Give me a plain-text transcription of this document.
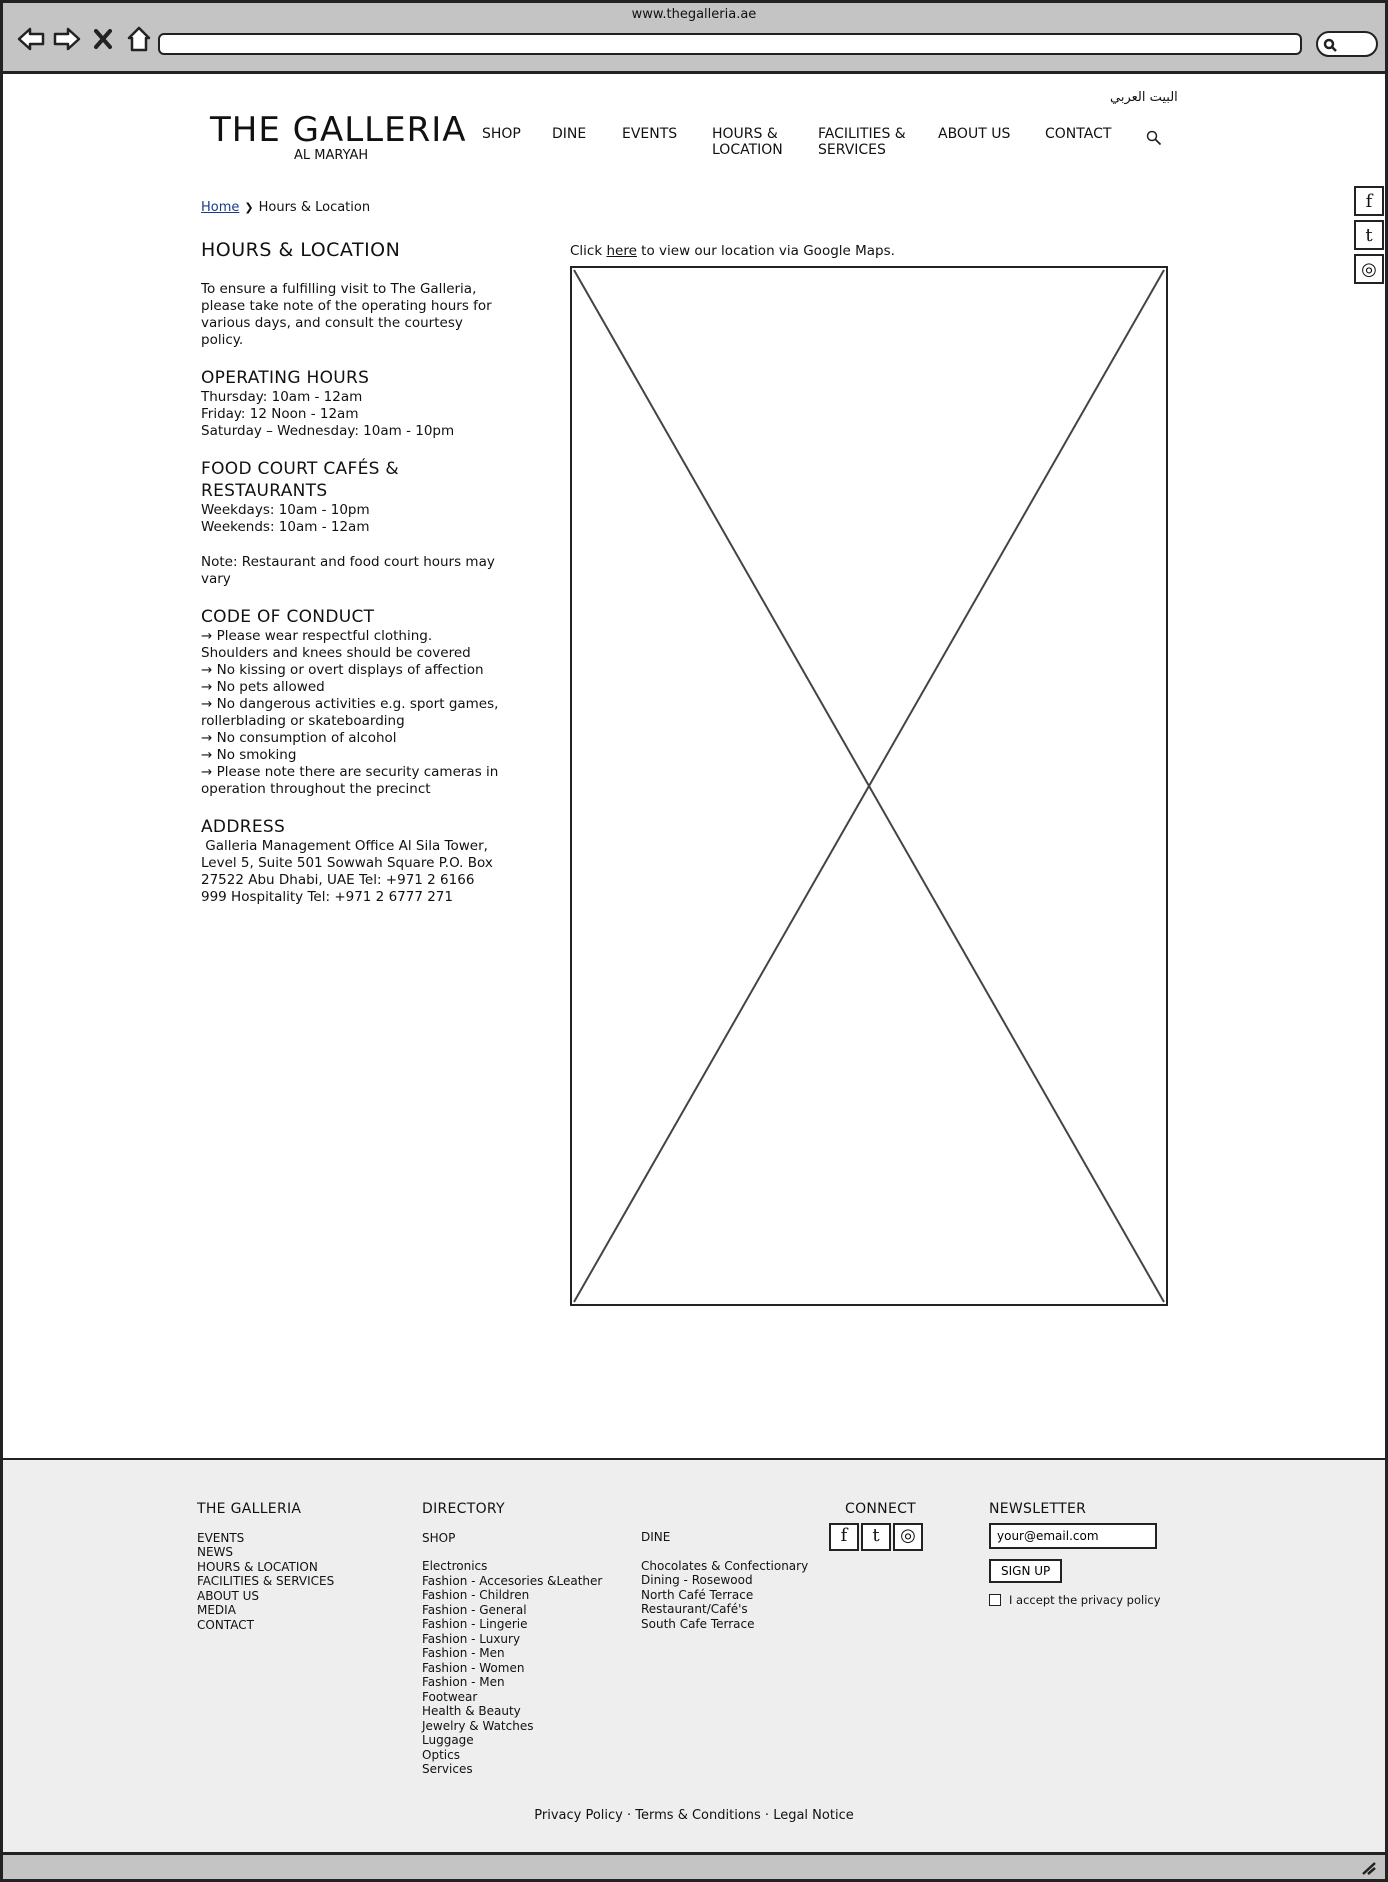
www.thegalleria.ae
البيت العربي
THE GALLERIA
AL MARYAH
SHOP DINE	EVENTS HOURS &
LOCATION
FACILITIES &
SERVICES
ABOUT US CONTACT
f
t
◎
Home ❯ Hours & Location
HOURS & LOCATION

To ensure a fulfilling visit to The Galleria, please take note of the operating hours for various days, and consult the courtesy policy.

OPERATING HOURS

Thursday: 10am - 12am

Friday: 12 Noon - 12am

Saturday – Wednesday: 10am - 10pm

FOOD COURT CAFÉS & RESTAURANTS

Weekdays: 10am - 10pm

Weekends: 10am - 12am

Note: Restaurant and food court hours may vary

CODE OF CONDUCT

→ Please wear respectful clothing. Shoulders and knees should be covered

→ No kissing or overt displays of affection

→ No pets allowed

→ No dangerous activities e.g. sport games, rollerblading or skateboarding

→ No consumption of alcohol

→ No smoking

→ Please note there are security cameras in operation throughout the precinct

ADDRESS

Galleria Management Office Al Sila Tower, Level 5, Suite 501 Sowwah Square P.O. Box 27522 Abu Dhabi, UAE Tel: +971 2 6166 999 Hospitality Tel: +971 2 6777 271

Click here to view our location via Google Maps.
THE GALLERIA
EVENTS
NEWS
HOURS & LOCATION
FACILITIES & SERVICES
ABOUT US
MEDIA
CONTACT
DIRECTORY
SHOP
Electronics
Fashion - Accesories &Leather
Fashion - Children
Fashion - General
Fashion - Lingerie
Fashion - Luxury
Fashion - Men
Fashion - Women
Fashion - Men
Footwear
Health & Beauty
Jewelry & Watches
Luggage
Optics
Services
DINE
Chocolates & Confectionary
Dining - Rosewood
North Café Terrace
Restaurant/Café's
South Cafe Terrace
CONNECT
f	t	◎
NEWSLETTER
your@email.com
SIGN UP
I accept the privacy policy
Privacy Policy · Terms & Conditions · Legal Notice
